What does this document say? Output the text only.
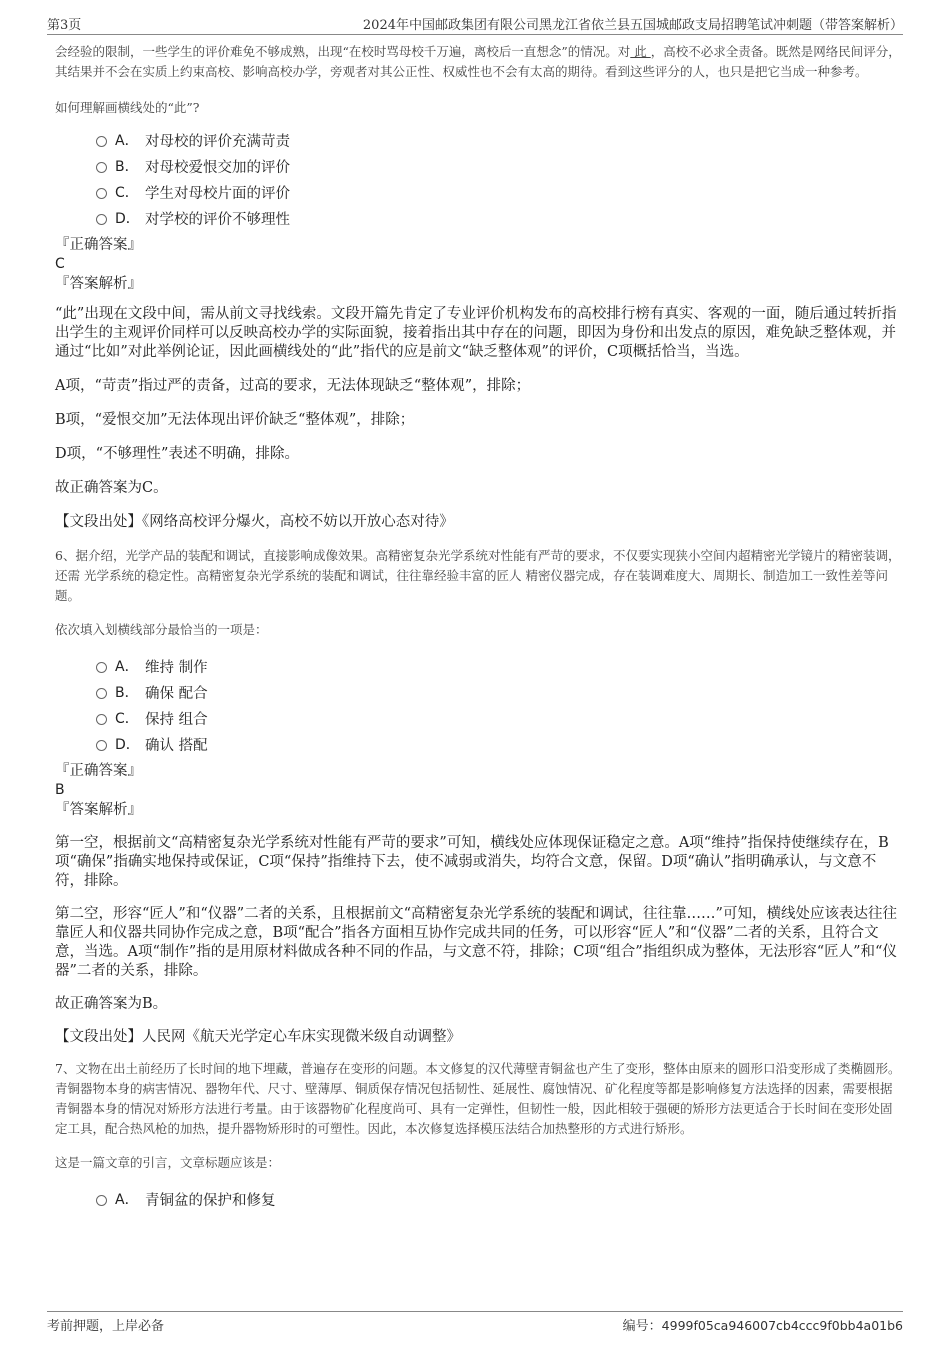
第3页	2024年中国邮政集团有限公司黑龙江省依兰县五国城邮政支局招聘笔试冲刺题（带答案解析）

会经验的限制，一些学生的评价难免不够成熟，出现“在校时骂母校千万遍，离校后一直想念”的情况。对 此 ，高校不必求全责备。既然是网络民间评分，其结果并不会在实质上约束高校、影响高校办学，旁观者对其公正性、权威性也不会有太高的期待。看到这些评分的人，也只是把它当成一种参考。

如何理解画横线处的“此”?

A． 对母校的评价充满苛责
B． 对母校爱恨交加的评价
C． 学生对母校片面的评价
D． 对学校的评价不够理性

『正确答案』

C

『答案解析』

“此”出现在文段中间，需从前文寻找线索。文段开篇先肯定了专业评价机构发布的高校排行榜有真实、客观的一面，随后通过转折指出学生的主观评价同样可以反映高校办学的实际面貌，接着指出其中存在的问题，即因为身份和出发点的原因，难免缺乏整体观，并通过“比如”对此举例论证，因此画横线处的“此”指代的应是前文“缺乏整体观”的评价，C项概括恰当，当选。

A项，“苛责”指过严的责备，过高的要求，无法体现缺乏“整体观”，排除；

B项，“爱恨交加”无法体现出评价缺乏“整体观”，排除；

D项，“不够理性”表述不明确，排除。

故正确答案为C。

【文段出处】《网络高校评分爆火，高校不妨以开放心态对待》

6、据介绍，光学产品的装配和调试，直接影响成像效果。高精密复杂光学系统对性能有严苛的要求，不仅要实现狭小空间内超精密光学镜片的精密装调，还需 光学系统的稳定性。高精密复杂光学系统的装配和调试，往往靠经验丰富的匠人 精密仪器完成，存在装调难度大、周期长、制造加工一致性差等问题。

依次填入划横线部分最恰当的一项是：

A． 维持 制作
B． 确保 配合
C． 保持 组合
D． 确认 搭配

『正确答案』

B

『答案解析』

第一空，根据前文“高精密复杂光学系统对性能有严苛的要求”可知，横线处应体现保证稳定之意。A项“维持”指保持使继续存在，B项“确保”指确实地保持或保证，C项“保持”指维持下去，使不减弱或消失，均符合文意，保留。D项“确认”指明确承认，与文意不符，排除。

第二空，形容“匠人”和“仪器”二者的关系，且根据前文“高精密复杂光学系统的装配和调试，往往靠……”可知，横线处应该表达往往靠匠人和仪器共同协作完成之意，B项“配合”指各方面相互协作完成共同的任务，可以形容“匠人”和“仪器”二者的关系，且符合文意，当选。A项“制作”指的是用原材料做成各种不同的作品，与文意不符，排除；C项“组合”指组织成为整体，无法形容“匠人”和“仪器”二者的关系，排除。

故正确答案为B。

【文段出处】人民网《航天光学定心车床实现微米级自动调整》

7、文物在出土前经历了长时间的地下埋藏，普遍存在变形的问题。本文修复的汉代薄壁青铜盆也产生了变形，整体由原来的圆形口沿变形成了类椭圆形。青铜器物本身的病害情况、器物年代、尺寸、壁薄厚、铜质保存情况包括韧性、延展性、腐蚀情况、矿化程度等都是影响修复方法选择的因素，需要根据青铜器本身的情况对矫形方法进行考量。由于该器物矿化程度尚可、具有一定弹性，但韧性一般，因此相较于强硬的矫形方法更适合于长时间在变形处固定工具，配合热风枪的加热，提升器物矫形时的可塑性。因此，本次修复选择模压法结合加热整形的方式进行矫形。

这是一篇文章的引言，文章标题应该是：

A． 青铜盆的保护和修复
考前押题，上岸必备	编号：4999f05ca946007cb4ccc9f0bb4a01b6
